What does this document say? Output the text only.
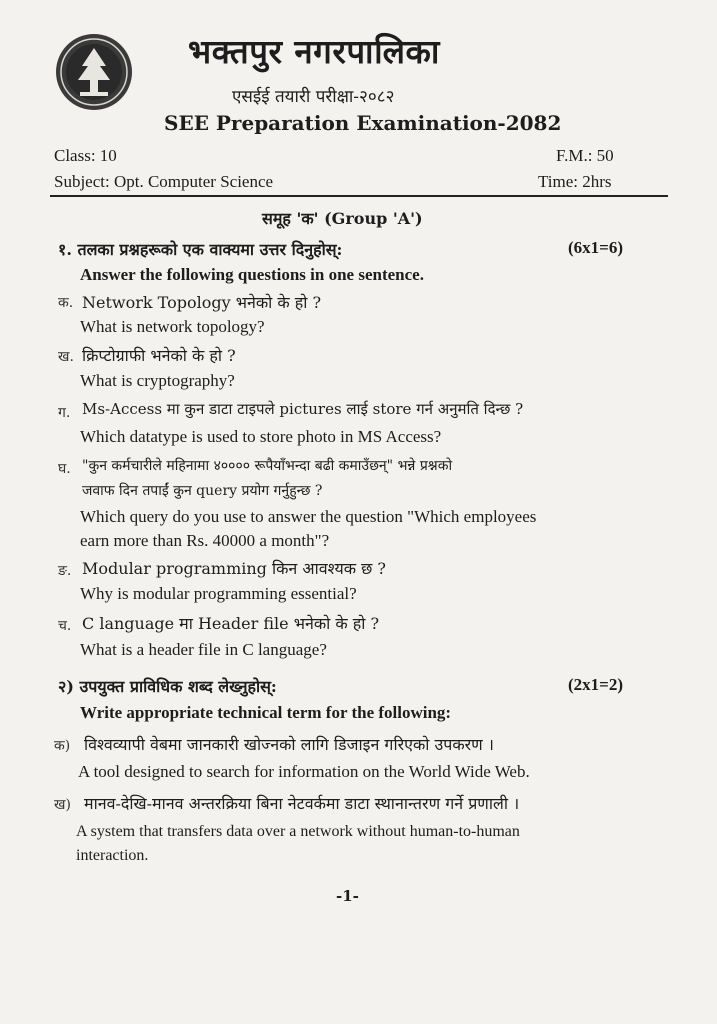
भक्तपुर नगरपालिका
एसईई तयारी परीक्षा-२०८२
SEE Preparation Examination-2082
Class: 10	F.M.: 50
Subject: Opt. Computer Science	Time: 2hrs
समूह 'क' (Group 'A')
१. तलका प्रश्नहरूको एक वाक्यमा उत्तर दिनुहोस्:	(6x1=6)
Answer the following questions in one sentence.
क. Network Topology भनेको के हो ?
What is network topology?
ख. क्रिप्टोग्राफी भनेको के हो ?
What is cryptography?
ग. Ms-Access मा कुन डाटा टाइपले pictures लाई store गर्न अनुमति दिन्छ ?
Which datatype is used to store photo in MS Access?
घ. "कुन कर्मचारीले महिनामा ४०००० रूपैयाँभन्दा बढी कमाउँछन्" भन्ने प्रश्नको
जवाफ दिन तपाईं कुन query प्रयोग गर्नुहुन्छ ?
Which query do you use to answer the question "Which employees
earn more than Rs. 40000 a month"?
ङ. Modular programming किन आवश्यक छ ?
Why is modular programming essential?
च. C language मा Header file भनेको के हो ?
What is a header file in C language?
२) उपयुक्त प्राविधिक शब्द लेख्नुहोस्:	(2x1=2)
Write appropriate technical term for the following:
क) विश्वव्यापी वेबमा जानकारी खोज्नको लागि डिजाइन गरिएको उपकरण ।
A tool designed to search for information on the World Wide Web.
ख) मानव-देखि-मानव अन्तरक्रिया बिना नेटवर्कमा डाटा स्थानान्तरण गर्ने प्रणाली ।
A system that transfers data over a network without human-to-human
interaction.
-1-
